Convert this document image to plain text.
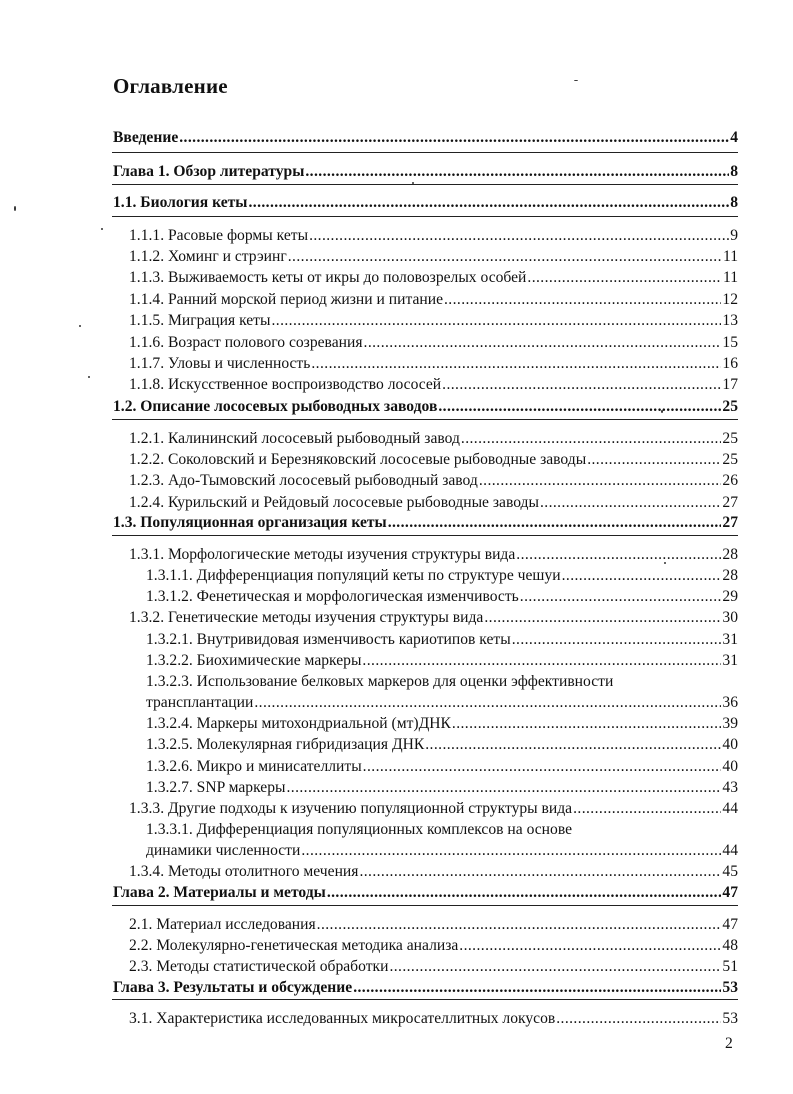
Оглавление
Введение .....	4
Глава 1. Обзор литературы .....	8
1.1. Биология кеты .....	8
1.1.1. Расовые формы кеты .....	9
1.1.2. Хоминг и стрэинг .....	11
1.1.3. Выживаемость кеты от икры до половозрелых особей .....	11
1.1.4. Ранний морской период жизни и питание .....	12
1.1.5. Миграция кеты .....	13
1.1.6. Возраст полового созревания .....	15
1.1.7. Уловы и численность .....	16
1.1.8. Искусственное воспроизводство лососей .....	17
1.2. Описание лососевых рыбоводных заводов .....	25
1.2.1. Калининский лососевый рыбоводный завод .....	25
1.2.2. Соколовский и Березняковский лососевые рыбоводные заводы .....	25
1.2.3. Адо-Тымовский лососевый рыбоводный завод .....	26
1.2.4. Курильский и Рейдовый лососевые рыбоводные заводы .....	27
1.3. Популяционная организация кеты .....	27
1.3.1. Морфологические методы изучения структуры вида .....	28
1.3.1.1. Дифференциация популяций кеты по структуре чешуи .....	28
1.3.1.2. Фенетическая и морфологическая изменчивость .....	29
1.3.2. Генетические методы изучения структуры вида .....	30
1.3.2.1. Внутривидовая изменчивость кариотипов кеты .....	31
1.3.2.2. Биохимические маркеры .....	31
1.3.2.3. Использование белковых маркеров для оценки эффективности
трансплантации .....	36
1.3.2.4. Маркеры митохондриальной (мт)ДНК .....	39
1.3.2.5. Молекулярная гибридизация ДНК .....	40
1.3.2.6. Микро и минисателлиты .....	40
1.3.2.7. SNP маркеры .....	43
1.3.3. Другие подходы к изучению популяционной структуры вида .....	44
1.3.3.1. Дифференциация популяционных комплексов на основе
динамики численности .....	44
1.3.4. Методы отолитного мечения .....	45
Глава 2. Материалы и методы .....	47
2.1. Материал исследования .....	47
2.2. Молекулярно-генетическая методика анализа .....	48
2.3. Методы статистической обработки .....	51
Глава 3. Результаты и обсуждение .....	53
3.1. Характеристика исследованных микросателлитных локусов .....	53
2
